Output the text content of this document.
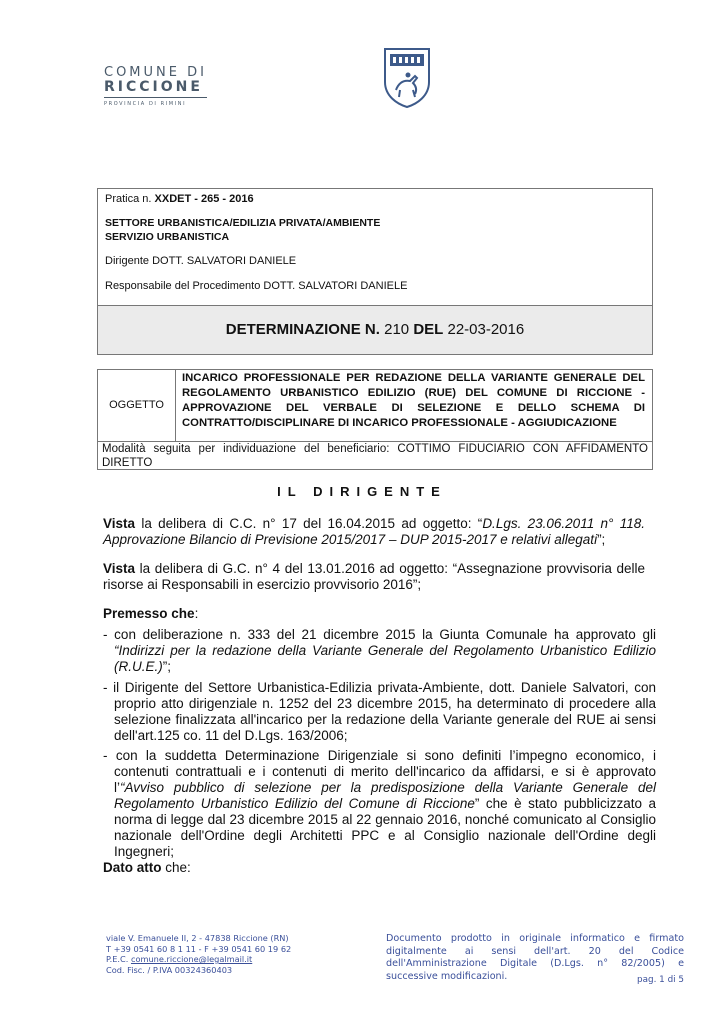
COMUNE DI
RICCIONE
PROVINCIA DI RIMINI
Pratica n. XXDET - 265 - 2016
SETTORE URBANISTICA/EDILIZIA PRIVATA/AMBIENTE
SERVIZIO URBANISTICA
Dirigente DOTT. SALVATORI DANIELE
Responsabile del Procedimento DOTT. SALVATORI DANIELE
DETERMINAZIONE N. 210 DEL 22-03-2016
OGGETTO
INCARICO PROFESSIONALE PER REDAZIONE DELLA VARIANTE GENERALE DEL REGOLAMENTO URBANISTICO EDILIZIO (RUE) DEL COMUNE DI RICCIONE - APPROVAZIONE DEL VERBALE DI SELEZIONE E DELLO SCHEMA DI CONTRATTO/DISCIPLINARE DI INCARICO PROFESSIONALE - AGGIUDICAZIONE
Modalità seguita per individuazione del beneficiario: COTTIMO FIDUCIARIO CON AFFIDAMENTO DIRETTO
IL DIRIGENTE
Vista la delibera di C.C. n° 17 del 16.04.2015 ad oggetto: “D.Lgs. 23.06.2011 n° 118. Approvazione Bilancio di Previsione 2015/2017 – DUP 2015-2017 e relativi allegati”;
Vista la delibera di G.C. n° 4 del 13.01.2016 ad oggetto: “Assegnazione provvisoria delle risorse ai Responsabili in esercizio provvisorio 2016”;
Premesso che:
- con deliberazione n. 333 del 21 dicembre 2015 la Giunta Comunale ha approvato gli “Indirizzi per la redazione della Variante Generale del Regolamento Urbanistico Edilizio (R.U.E.)”;
- il Dirigente del Settore Urbanistica-Edilizia privata-Ambiente, dott. Daniele Salvatori, con proprio atto dirigenziale n. 1252 del 23 dicembre 2015, ha determinato di procedere alla selezione finalizzata all'incarico per la redazione della Variante generale del RUE ai sensi dell'art.125 co. 11 del D.Lgs. 163/2006;
- con la suddetta Determinazione Dirigenziale si sono definiti l’impegno economico, i contenuti contrattuali e i contenuti di merito dell'incarico da affidarsi, e si è approvato l’“Avviso pubblico di selezione per la predisposizione della Variante Generale del Regolamento Urbanistico Edilizio del Comune di Riccione” che è stato pubblicizzato a norma di legge dal 23 dicembre 2015 al 22 gennaio 2016, nonché comunicato al Consiglio nazionale dell'Ordine degli Architetti PPC e al Consiglio nazionale dell'Ordine degli Ingegneri;
Dato atto che:
viale V. Emanuele II, 2 - 47838 Riccione (RN)
T +39 0541 60 8 1 11 - F +39 0541 60 19 62
P.E.C. comune.riccione@legalmail.it
Cod. Fisc. / P.IVA 00324360403
Documento prodotto in originale informatico e firmato digitalmente ai sensi dell'art. 20 del Codice dell'Amministrazione Digitale (D.Lgs. n° 82/2005) e successive modificazioni.	pag. 1 di 5
